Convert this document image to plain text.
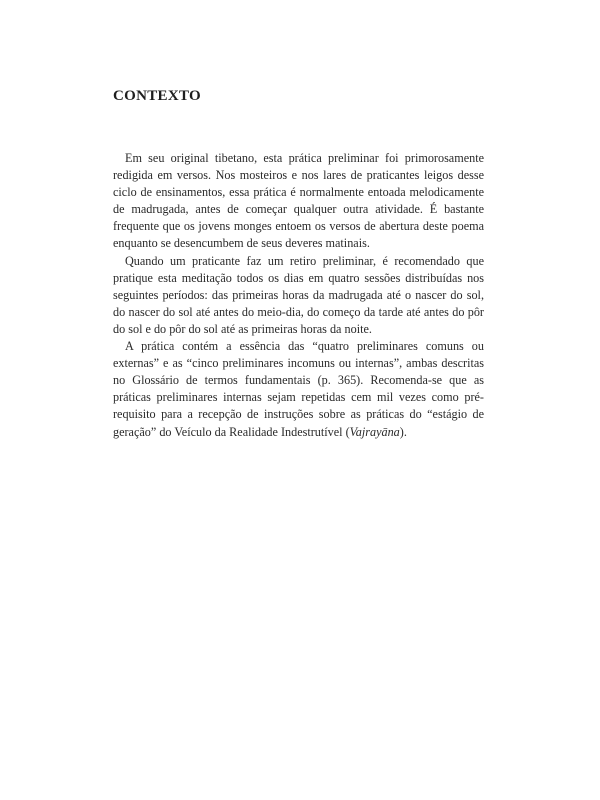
CONTEXTO

Em seu original tibetano, esta prática preliminar foi primorosamente redigida em versos. Nos mosteiros e nos lares de praticantes leigos desse ciclo de ensinamentos, essa prática é normalmente entoada melodicamente de madrugada, antes de começar qualquer outra atividade. É bastante frequente que os jovens monges entoem os versos de abertura deste poema enquanto se desencumbem de seus deveres matinais.

Quando um praticante faz um retiro preliminar, é recomendado que pratique esta meditação todos os dias em quatro sessões distribuídas nos seguintes períodos: das primeiras horas da madrugada até o nascer do sol, do nascer do sol até antes do meio-dia, do começo da tarde até antes do pôr do sol e do pôr do sol até as primeiras horas da noite.

A prática contém a essência das “quatro preliminares comuns ou externas” e as “cinco preliminares incomuns ou internas”, ambas descritas no Glossário de termos fundamentais (p. 365). Recomenda-se que as práticas preliminares internas sejam repetidas cem mil vezes como pré-requisito para a recepção de instruções sobre as práticas do “estágio de geração” do Veículo da Realidade Indestrutível (Vajrayāna).
